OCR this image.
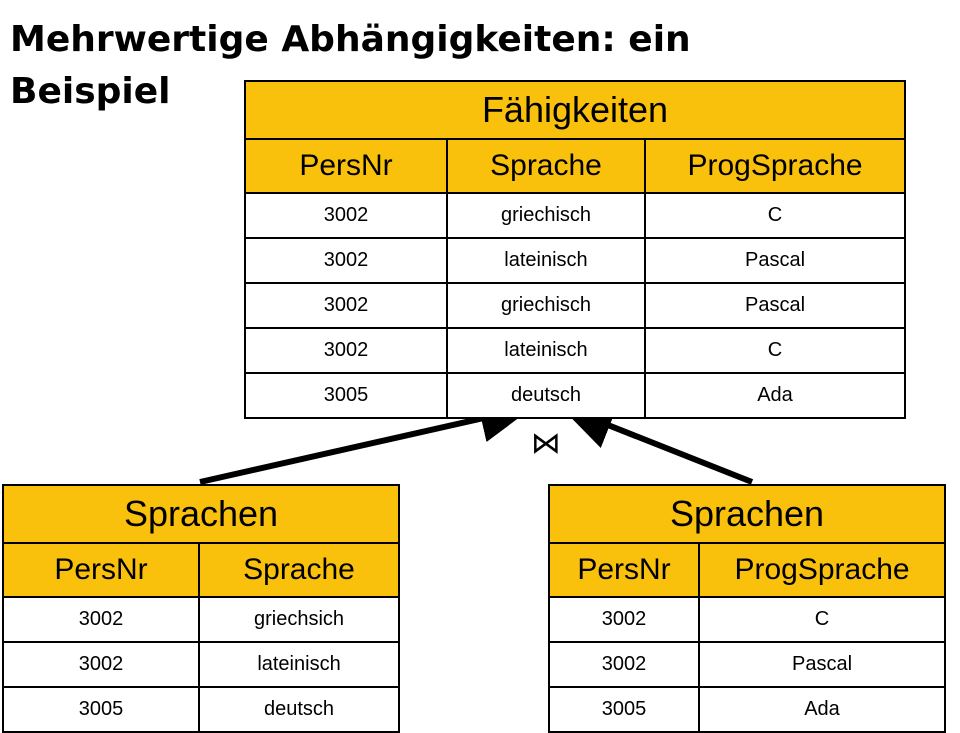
Mehrwertige Abhängigkeiten: ein Beispiel
⋈
Fähigkeiten		
PersNr	Sprache	ProgSprache
3002	griechisch	C
3002	lateinisch	Pascal
3002	griechisch	Pascal
3002	lateinisch	C
3005	deutsch	Ada
Sprachen	
PersNr	Sprache
3002	griechsich
3002	lateinisch
3005	deutsch
Sprachen	
PersNr	ProgSprache
3002	C
3002	Pascal
3005	Ada
